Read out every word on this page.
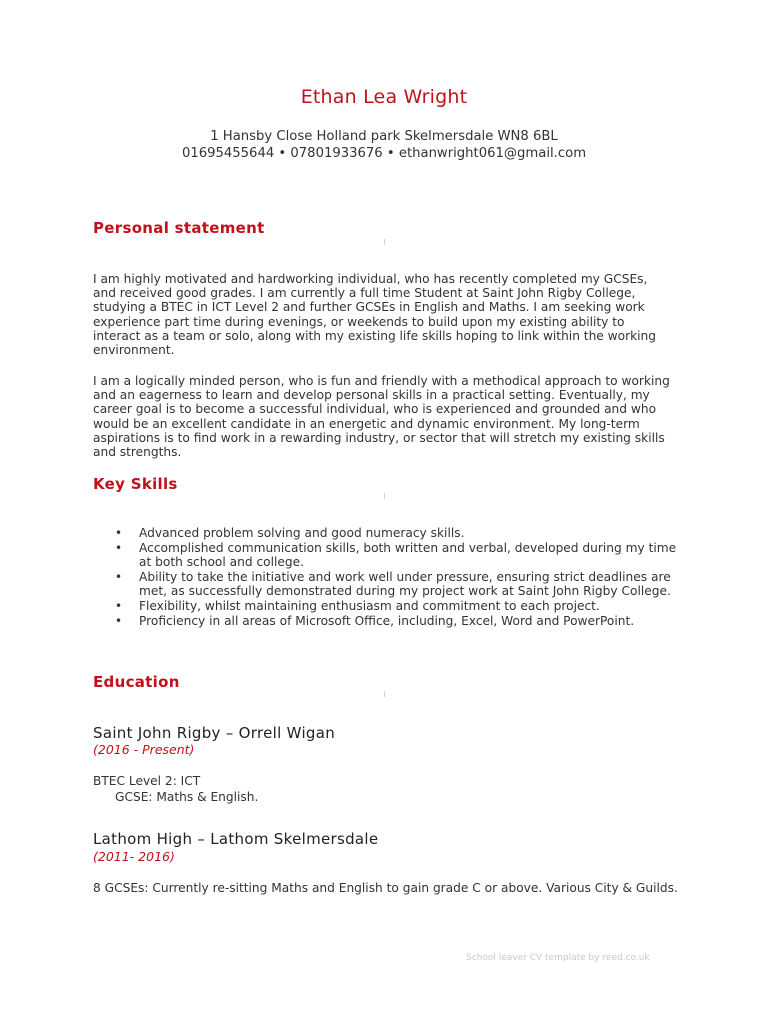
Ethan Lea Wright
1 Hansby Close Holland park Skelmersdale WN8 6BL
01695455644 • 07801933676 • ethanwright061@gmail.com
Personal statement

I am highly motivated and hardworking individual, who has recently completed my GCSEs, and received good grades. I am currently a full time Student at Saint John Rigby College, studying a BTEC in ICT Level 2 and further GCSEs in English and Maths. I am seeking work experience part time during evenings, or weekends to build upon my existing ability to interact as a team or solo, along with my existing life skills hoping to link within the working environment.

I am a logically minded person, who is fun and friendly with a methodical approach to working and an eagerness to learn and develop personal skills in a practical setting. Eventually, my career goal is to become a successful individual, who is experienced and grounded and who would be an excellent candidate in an energetic and dynamic environment. My long-term aspirations is to find work in a rewarding industry, or sector that will stretch my existing skills and strengths.

Key Skills
• Advanced problem solving and good numeracy skills.
• Accomplished communication skills, both written and verbal, developed during my time at both school and college.
• Ability to take the initiative and work well under pressure, ensuring strict deadlines are met, as successfully demonstrated during my project work at Saint John Rigby College.
• Flexibility, whilst maintaining enthusiasm and commitment to each project.
• Proficiency in all areas of Microsoft Office, including, Excel, Word and PowerPoint.
Education
Saint John Rigby – Orrell Wigan
(2016 - Present)
BTEC Level 2: ICT
GCSE: Maths & English.
Lathom High – Lathom Skelmersdale
(2011- 2016)
8 GCSEs: Currently re-sitting Maths and English to gain grade C or above. Various City & Guilds.
School leaver CV template by reed.co.uk
